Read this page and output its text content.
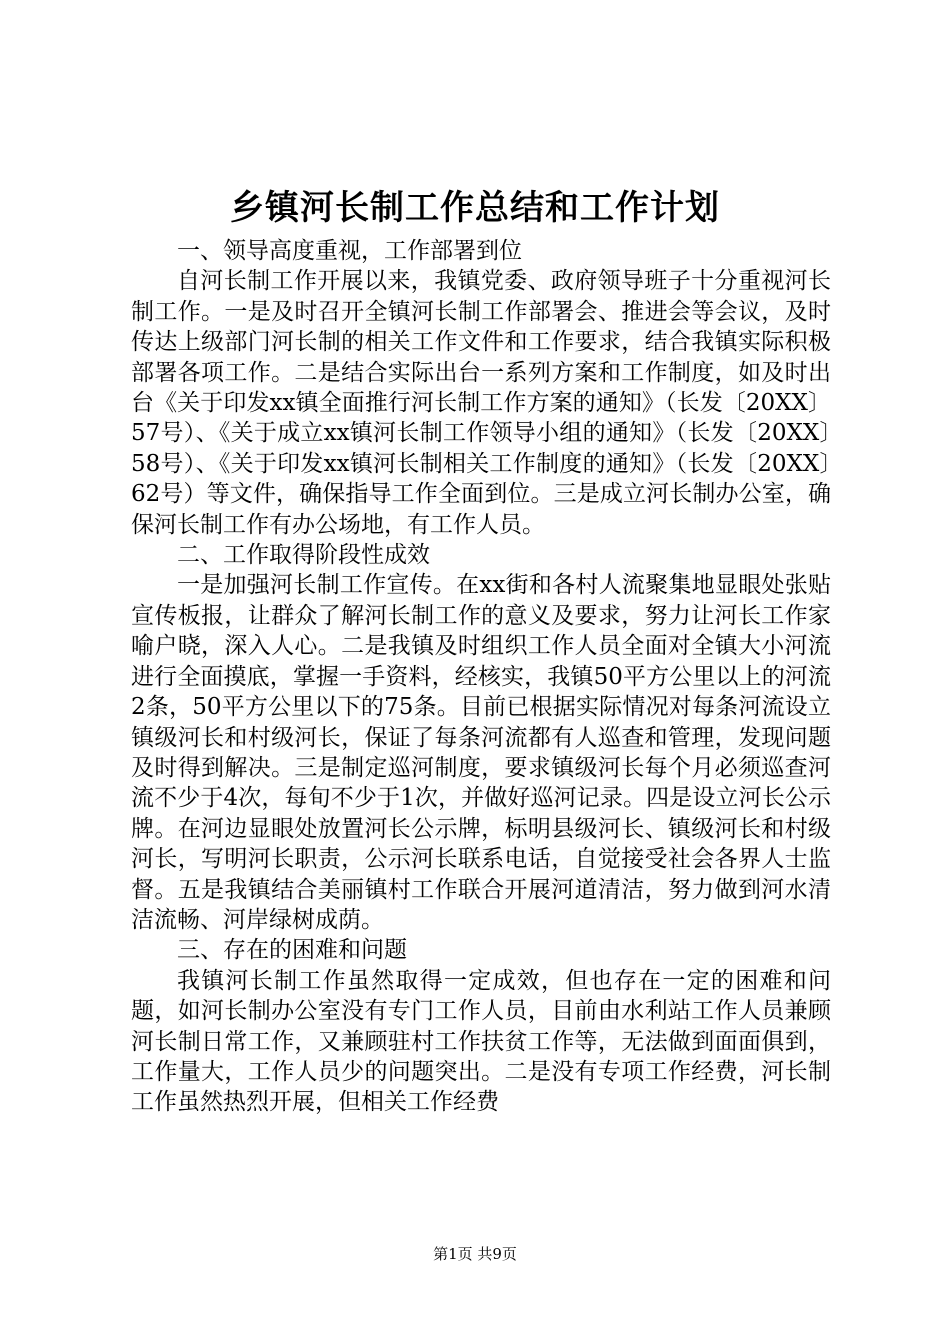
乡镇河长制工作总结和工作计划

一、领导高度重视，工作部署到位

自河长制工作开展以来，我镇党委、政府领导班子十分重视河长制工作。一是及时召开全镇河长制工作部署会、推进会等会议，及时传达上级部门河长制的相关工作文件和工作要求，结合我镇实际积极部署各项工作。二是结合实际出台一系列方案和工作制度，如及时出台《关于印发xx镇全面推行河长制工作方案的通知》（长发〔20XX〕57号）、《关于成立xx镇河长制工作领导小组的通知》（长发〔20XX〕58号）、《关于印发xx镇河长制相关工作制度的通知》（长发〔20XX〕62号）等文件，确保指导工作全面到位。三是成立河长制办公室，确保河长制工作有办公场地，有工作人员。

二、工作取得阶段性成效

一是加强河长制工作宣传。在xx街和各村人流聚集地显眼处张贴宣传板报，让群众了解河长制工作的意义及要求，努力让河长工作家喻户晓，深入人心。二是我镇及时组织工作人员全面对全镇大小河流进行全面摸底，掌握一手资料，经核实，我镇50平方公里以上的河流2条，50平方公里以下的75条。目前已根据实际情况对每条河流设立镇级河长和村级河长，保证了每条河流都有人巡查和管理，发现问题及时得到解决。三是制定巡河制度，要求镇级河长每个月必须巡查河流不少于4次，每旬不少于1次，并做好巡河记录。四是设立河长公示牌。在河边显眼处放置河长公示牌，标明县级河长、镇级河长和村级河长，写明河长职责，公示河长联系电话，自觉接受社会各界人士监督。五是我镇结合美丽镇村工作联合开展河道清洁，努力做到河水清洁流畅、河岸绿树成荫。

三、存在的困难和问题

我镇河长制工作虽然取得一定成效，但也存在一定的困难和问题，如河长制办公室没有专门工作人员，目前由水利站工作人员兼顾河长制日常工作，又兼顾驻村工作扶贫工作等，无法做到面面俱到，工作量大，工作人员少的问题突出。二是没有专项工作经费，河长制工作虽然热烈开展，但相关工作经费

第1页 共9页
